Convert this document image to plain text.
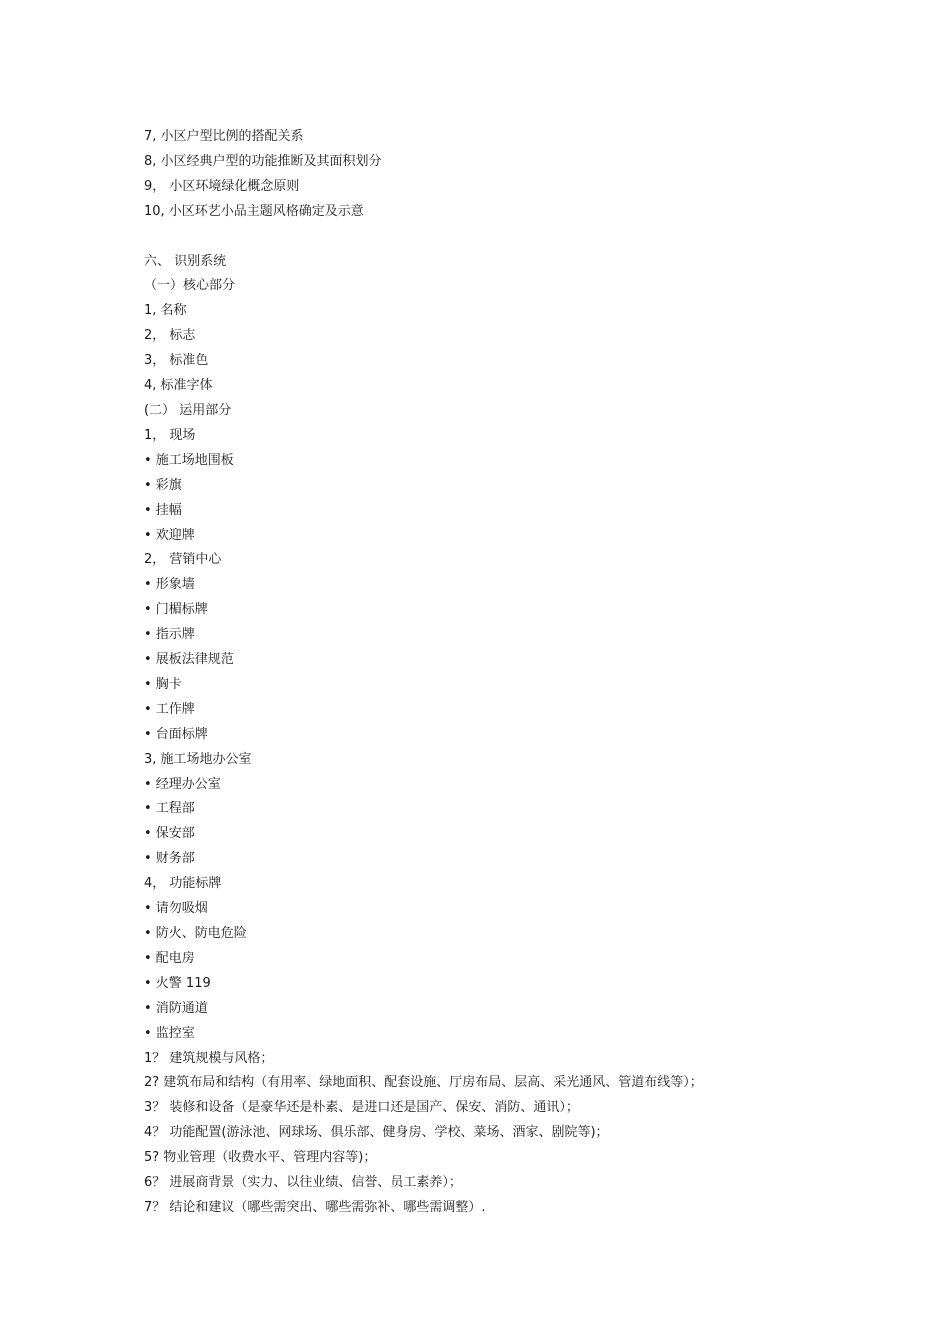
7, 小区户型比例的搭配关系
8, 小区经典户型的功能推断及其面积划分
9， 小区环境绿化概念原则
10, 小区环艺小品主题风格确定及示意
六、 识别系统
（一）核心部分
1, 名称
2， 标志
3， 标准色
4, 标准字体
(二） 运用部分
1， 现场
• 施工场地围板
• 彩旗
• 挂幅
• 欢迎牌
2， 营销中心
• 形象墙
• 门楣标牌
• 指示牌
• 展板法律规范
• 胸卡
• 工作牌
• 台面标牌
3, 施工场地办公室
• 经理办公室
• 工程部
• 保安部
• 财务部
4， 功能标牌
• 请勿吸烟
• 防火、防电危险
• 配电房
• 火警 119
• 消防通道
• 监控室
1？ 建筑规模与风格；
2? 建筑布局和结构（有用率、绿地面积、配套设施、厅房布局、层高、采光通风、管道布线等）；
3？ 装修和设备（是豪华还是朴素、是进口还是国产、保安、消防、通讯）；
4？ 功能配置(游泳池、网球场、俱乐部、健身房、学校、菜场、酒家、剧院等)；
5? 物业管理（收费水平、管理内容等)；
6？ 进展商背景（实力、以往业绩、信誉、员工素养）；
7？ 结论和建议（哪些需突出、哪些需弥补、哪些需调整）.
